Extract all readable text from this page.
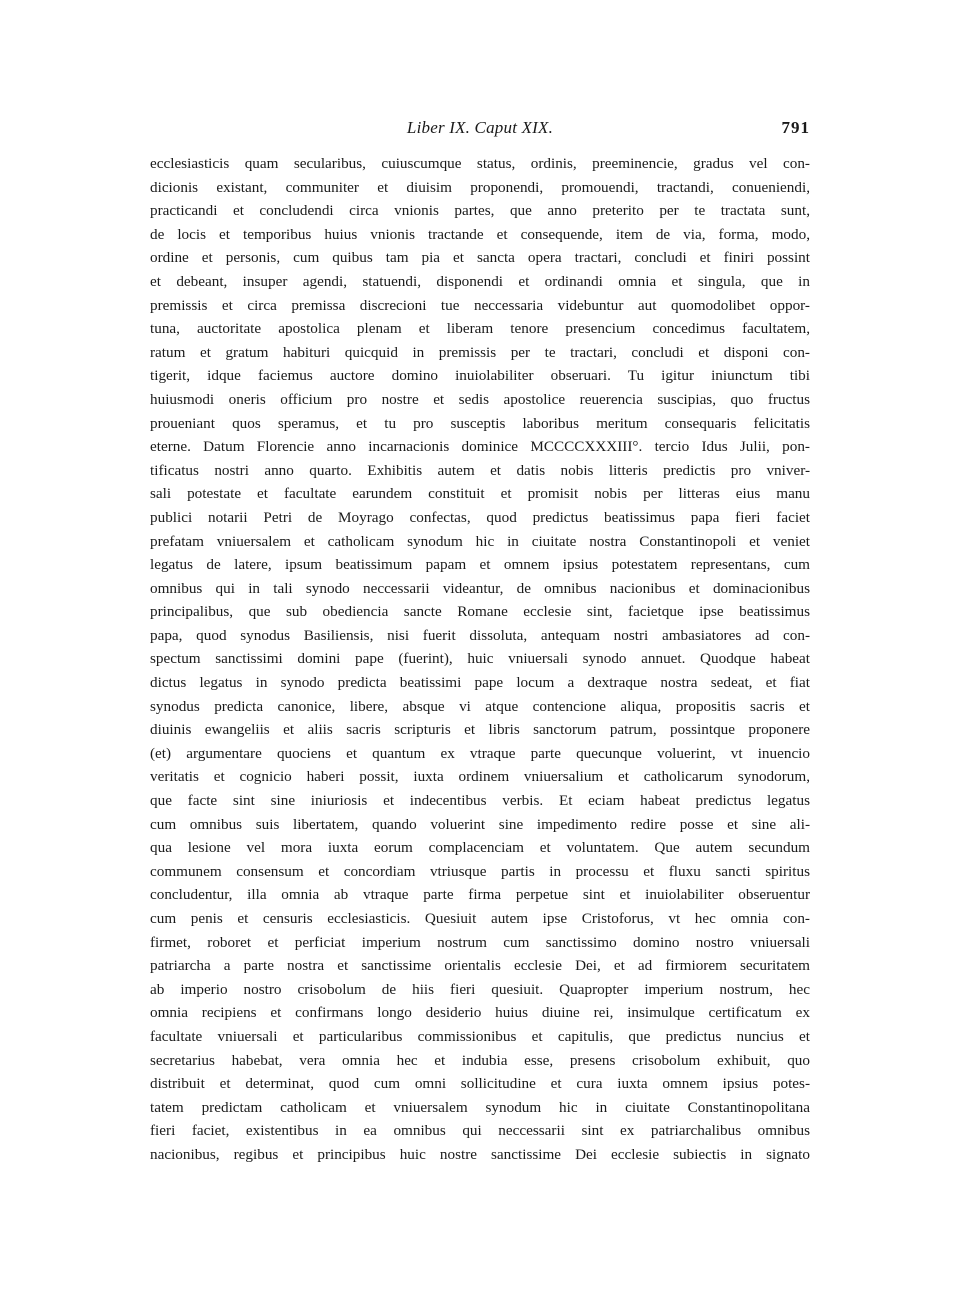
Liber IX. Caput XIX.	791
ecclesiasticis quam secularibus, cuiuscumque status, ordinis, preeminencie, gradus vel con-
dicionis existant, communiter et diuisim proponendi, promouendi, tractandi, conueniendi,
practicandi et concludendi circa vnionis partes, que anno preterito per te tractata sunt,
de locis et temporibus huius vnionis tractande et consequende, item de via, forma, modo,
ordine et personis, cum quibus tam pia et sancta opera tractari, concludi et finiri possint
et debeant, insuper agendi, statuendi, disponendi et ordinandi omnia et singula, que in
premissis et circa premissa discrecioni tue neccessaria videbuntur aut quomodolibet oppor-
tuna, auctoritate apostolica plenam et liberam tenore presencium concedimus facultatem,
ratum et gratum habituri quicquid in premissis per te tractari, concludi et disponi con-
tigerit, idque faciemus auctore domino inuiolabiliter obseruari. Tu igitur iniunctum tibi
huiusmodi oneris officium pro nostre et sedis apostolice reuerencia suscipias, quo fructus
proueniant quos speramus, et tu pro susceptis laboribus meritum consequaris felicitatis
eterne. Datum Florencie anno incarnacionis dominice MCCCCXXXIII°. tercio Idus Julii, pon-
tificatus nostri anno quarto. Exhibitis autem et datis nobis litteris predictis pro vniver-
sali potestate et facultate earundem constituit et promisit nobis per litteras eius manu
publici notarii Petri de Moyrago confectas, quod predictus beatissimus papa fieri faciet
prefatam vniuersalem et catholicam synodum hic in ciuitate nostra Constantinopoli et veniet
legatus de latere, ipsum beatissimum papam et omnem ipsius potestatem representans, cum
omnibus qui in tali synodo neccessarii videantur, de omnibus nacionibus et dominacionibus
principalibus, que sub obediencia sancte Romane ecclesie sint, facietque ipse beatissimus
papa, quod synodus Basiliensis, nisi fuerit dissoluta, antequam nostri ambasiatores ad con-
spectum sanctissimi domini pape (fuerint), huic vniuersali synodo annuet. Quodque habeat
dictus legatus in synodo predicta beatissimi pape locum a dextraque nostra sedeat, et fiat
synodus predicta canonice, libere, absque vi atque contencione aliqua, propositis sacris et
diuinis ewangeliis et aliis sacris scripturis et libris sanctorum patrum, possintque proponere
(et) argumentare quociens et quantum ex vtraque parte quecunque voluerint, vt inuencio
veritatis et cognicio haberi possit, iuxta ordinem vniuersalium et catholicarum synodorum,
que facte sint sine iniuriosis et indecentibus verbis. Et eciam habeat predictus legatus
cum omnibus suis libertatem, quando voluerint sine impedimento redire posse et sine ali-
qua lesione vel mora iuxta eorum complacenciam et voluntatem. Que autem secundum
communem consensum et concordiam vtriusque partis in processu et fluxu sancti spiritus
concludentur, illa omnia ab vtraque parte firma perpetue sint et inuiolabiliter obseruentur
cum penis et censuris ecclesiasticis. Quesiuit autem ipse Cristoforus, vt hec omnia con-
firmet, roboret et perficiat imperium nostrum cum sanctissimo domino nostro vniuersali
patriarcha a parte nostra et sanctissime orientalis ecclesie Dei, et ad firmiorem securitatem
ab imperio nostro crisobolum de hiis fieri quesiuit. Quapropter imperium nostrum, hec
omnia recipiens et confirmans longo desiderio huius diuine rei, insimulque certificatum ex
facultate vniuersali et particularibus commissionibus et capitulis, que predictus nuncius et
secretarius habebat, vera omnia hec et indubia esse, presens crisobolum exhibuit, quo
distribuit et determinat, quod cum omni sollicitudine et cura iuxta omnem ipsius potes-
tatem predictam catholicam et vniuersalem synodum hic in ciuitate Constantinopolitana
fieri faciet, existentibus in ea omnibus qui neccessarii sint ex patriarchalibus omnibus
nacionibus, regibus et principibus huic nostre sanctissime Dei ecclesie subiectis in signato
